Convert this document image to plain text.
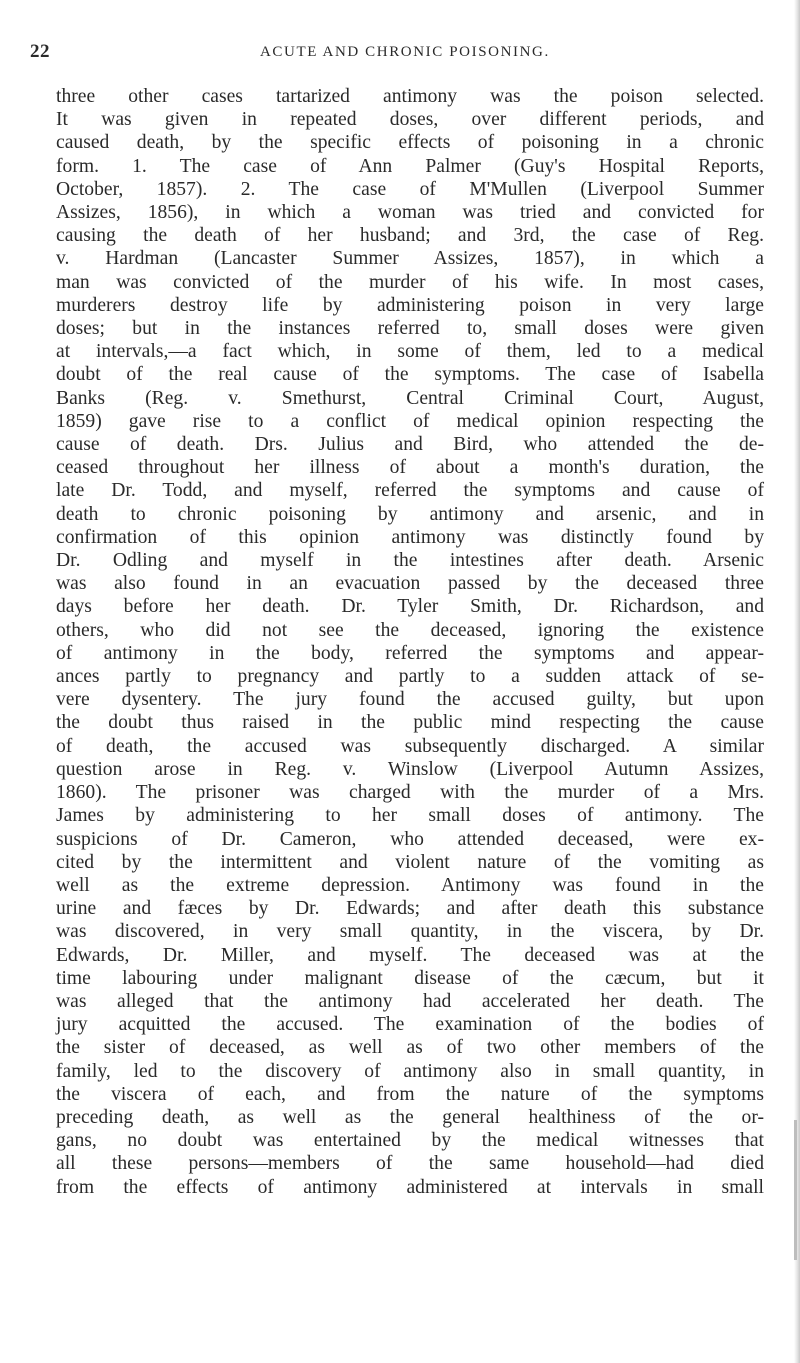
22	ACUTE AND CHRONIC POISONING.
three other cases tartarized antimony was the poison selected.
It was given in repeated doses, over different periods, and
caused death, by the specific effects of poisoning in a chronic
form. 1. The case of Ann Palmer (Guy's Hospital Reports,
October, 1857). 2. The case of M'Mullen (Liverpool Summer
Assizes, 1856), in which a woman was tried and convicted for
causing the death of her husband; and 3rd, the case of Reg.
v. Hardman (Lancaster Summer Assizes, 1857), in which a
man was convicted of the murder of his wife. In most cases,
murderers destroy life by administering poison in very large
doses; but in the instances referred to, small doses were given
at intervals,—a fact which, in some of them, led to a medical
doubt of the real cause of the symptoms. The case of Isabella
Banks (Reg. v. Smethurst, Central Criminal Court, August,
1859) gave rise to a conflict of medical opinion respecting the
cause of death. Drs. Julius and Bird, who attended the de-
ceased throughout her illness of about a month's duration, the
late Dr. Todd, and myself, referred the symptoms and cause of
death to chronic poisoning by antimony and arsenic, and in
confirmation of this opinion antimony was distinctly found by
Dr. Odling and myself in the intestines after death. Arsenic
was also found in an evacuation passed by the deceased three
days before her death. Dr. Tyler Smith, Dr. Richardson, and
others, who did not see the deceased, ignoring the existence
of antimony in the body, referred the symptoms and appear-
ances partly to pregnancy and partly to a sudden attack of se-
vere dysentery. The jury found the accused guilty, but upon
the doubt thus raised in the public mind respecting the cause
of death, the accused was subsequently discharged. A similar
question arose in Reg. v. Winslow (Liverpool Autumn Assizes,
1860). The prisoner was charged with the murder of a Mrs.
James by administering to her small doses of antimony. The
suspicions of Dr. Cameron, who attended deceased, were ex-
cited by the intermittent and violent nature of the vomiting as
well as the extreme depression. Antimony was found in the
urine and fæces by Dr. Edwards; and after death this substance
was discovered, in very small quantity, in the viscera, by Dr.
Edwards, Dr. Miller, and myself. The deceased was at the
time labouring under malignant disease of the cæcum, but it
was alleged that the antimony had accelerated her death. The
jury acquitted the accused. The examination of the bodies of
the sister of deceased, as well as of two other members of the
family, led to the discovery of antimony also in small quantity, in
the viscera of each, and from the nature of the symptoms
preceding death, as well as the general healthiness of the or-
gans, no doubt was entertained by the medical witnesses that
all these persons—members of the same household—had died
from the effects of antimony administered at intervals in small
